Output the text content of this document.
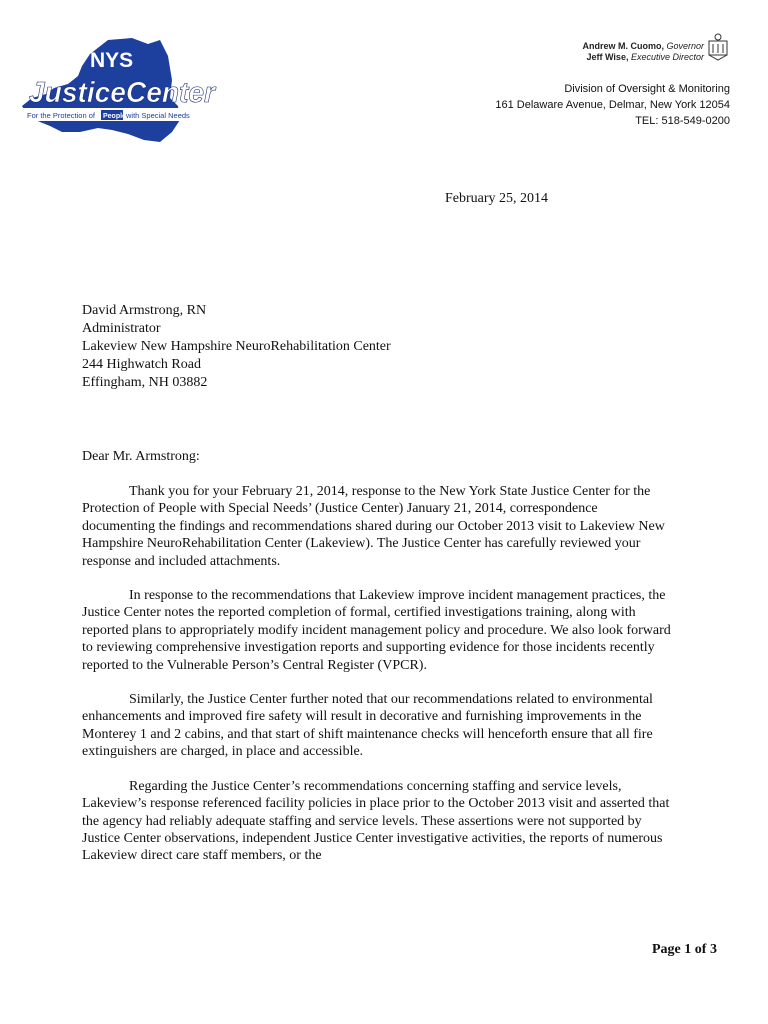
NYS
JusticeCenter
For the Protection of People with Special Needs
Andrew M. Cuomo, Governor
Jeff Wise, Executive Director
Division of Oversight & Monitoring
161 Delaware Avenue, Delmar, New York 12054
TEL: 518-549-0200
February 25, 2014
David Armstrong, RN
Administrator
Lakeview New Hampshire NeuroRehabilitation Center
244 Highwatch Road
Effingham, NH 03882
Dear Mr. Armstrong:

Thank you for your February 21, 2014, response to the New York State Justice Center for the Protection of People with Special Needs’ (Justice Center) January 21, 2014, correspondence documenting the findings and recommendations shared during our October 2013 visit to Lakeview New Hampshire NeuroRehabilitation Center (Lakeview). The Justice Center has carefully reviewed your response and included attachments.

In response to the recommendations that Lakeview improve incident management practices, the Justice Center notes the reported completion of formal, certified investigations training, along with reported plans to appropriately modify incident management policy and procedure. We also look forward to reviewing comprehensive investigation reports and supporting evidence for those incidents recently reported to the Vulnerable Person’s Central Register (VPCR).

Similarly, the Justice Center further noted that our recommendations related to environmental enhancements and improved fire safety will result in decorative and furnishing improvements in the Monterey 1 and 2 cabins, and that start of shift maintenance checks will henceforth ensure that all fire extinguishers are charged, in place and accessible.

Regarding the Justice Center’s recommendations concerning staffing and service levels, Lakeview’s response referenced facility policies in place prior to the October 2013 visit and asserted that the agency had reliably adequate staffing and service levels. These assertions were not supported by Justice Center observations, independent Justice Center investigative activities, the reports of numerous Lakeview direct care staff members, or the

Page 1 of 3
